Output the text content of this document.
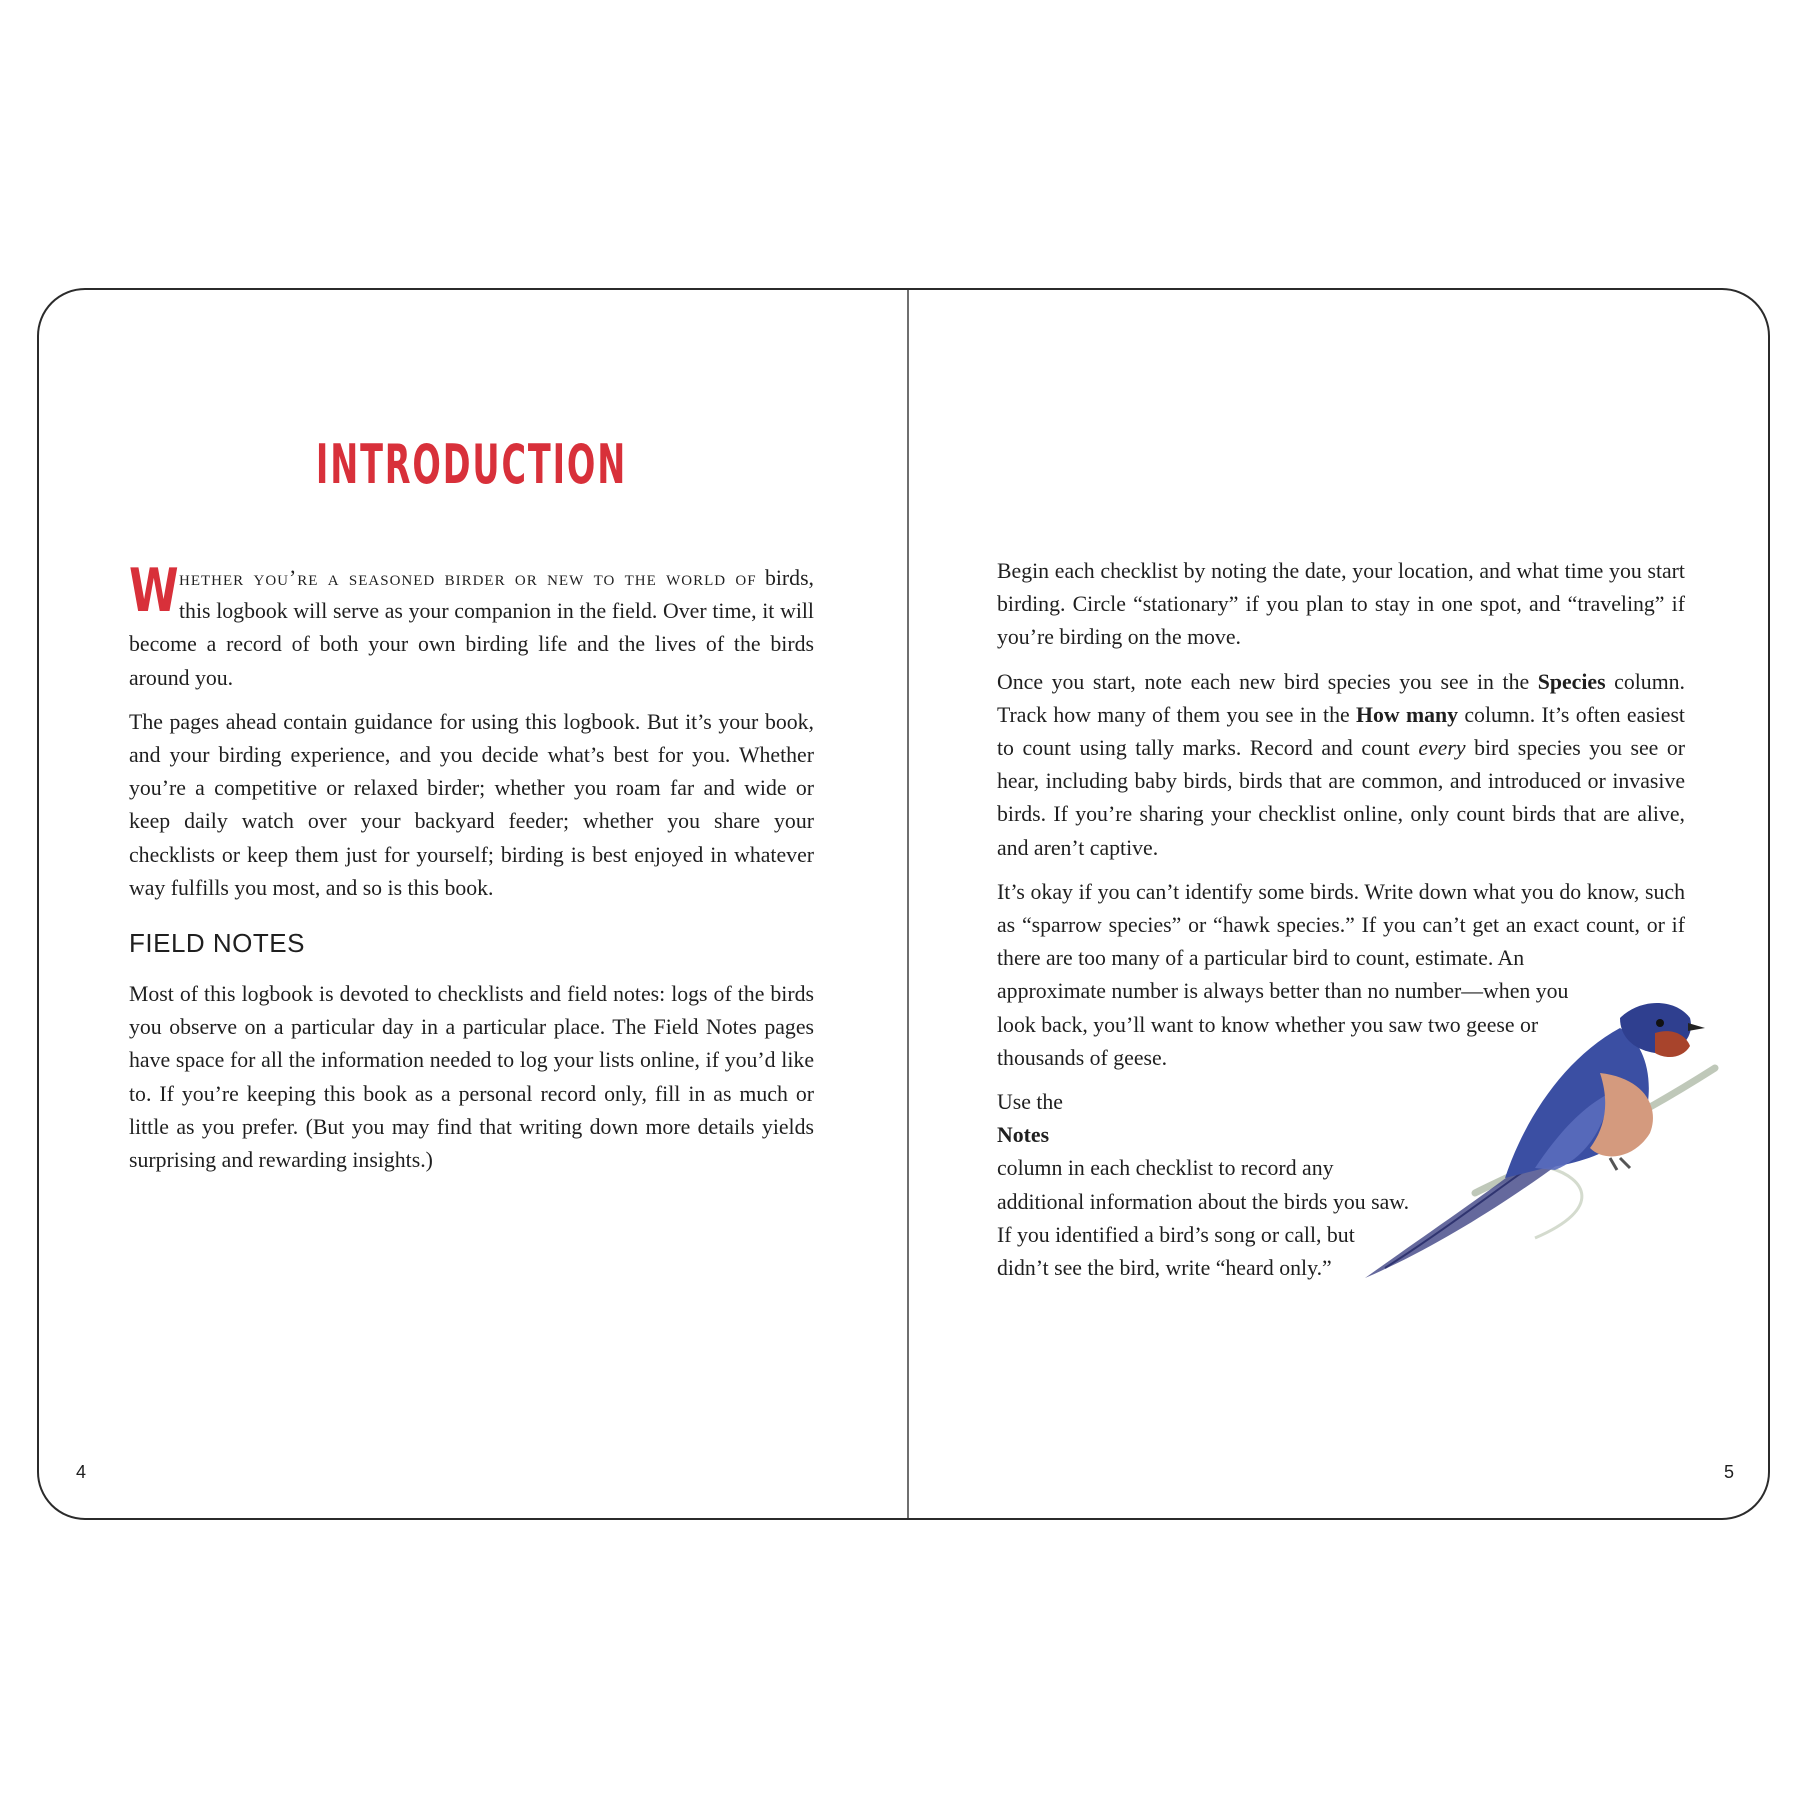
INTRODUCTION

Whether you’re a seasoned birder or new to the world of birds, this logbook will serve as your companion in the field. Over time, it will become a record of both your own birding life and the lives of the birds around you.

The pages ahead contain guidance for using this logbook. But it’s your book, and your birding experience, and you decide what’s best for you. Whether you’re a competitive or relaxed birder; whether you roam far and wide or keep daily watch over your backyard feeder; whether you share your checklists or keep them just for yourself; birding is best enjoyed in whatever way fulfills you most, and so is this book.

FIELD NOTES

Most of this logbook is devoted to checklists and field notes: logs of the birds you observe on a particular day in a particular place. The Field Notes pages have space for all the information needed to log your lists online, if you’d like to. If you’re keeping this book as a personal record only, fill in as much or little as you prefer. (But you may find that writing down more details yields surprising and rewarding insights.)

4

Begin each checklist by noting the date, your location, and what time you start birding. Circle “stationary” if you plan to stay in one spot, and “traveling” if you’re birding on the move.

Once you start, note each new bird species you see in the Species column. Track how many of them you see in the How many column. It’s often easiest to count using tally marks. Record and count every bird species you see or hear, including baby birds, birds that are common, and introduced or invasive birds. If you’re sharing your checklist online, only count birds that are alive, and aren’t captive.

It’s okay if you can’t identify some birds. Write down what you do know, such as “sparrow species” or “hawk species.” If you can’t get an exact count, or if there are too many of a particular bird to count, estimate. An
approximate number is always better than no number—when you
look back, you’ll want to know whether you saw two geese or
thousands of geese.

Use the
Notes
column in each checklist to record any
additional information about the birds you saw.
If you identified a bird’s song or call, but
didn’t see the bird, write “heard only.”

5
